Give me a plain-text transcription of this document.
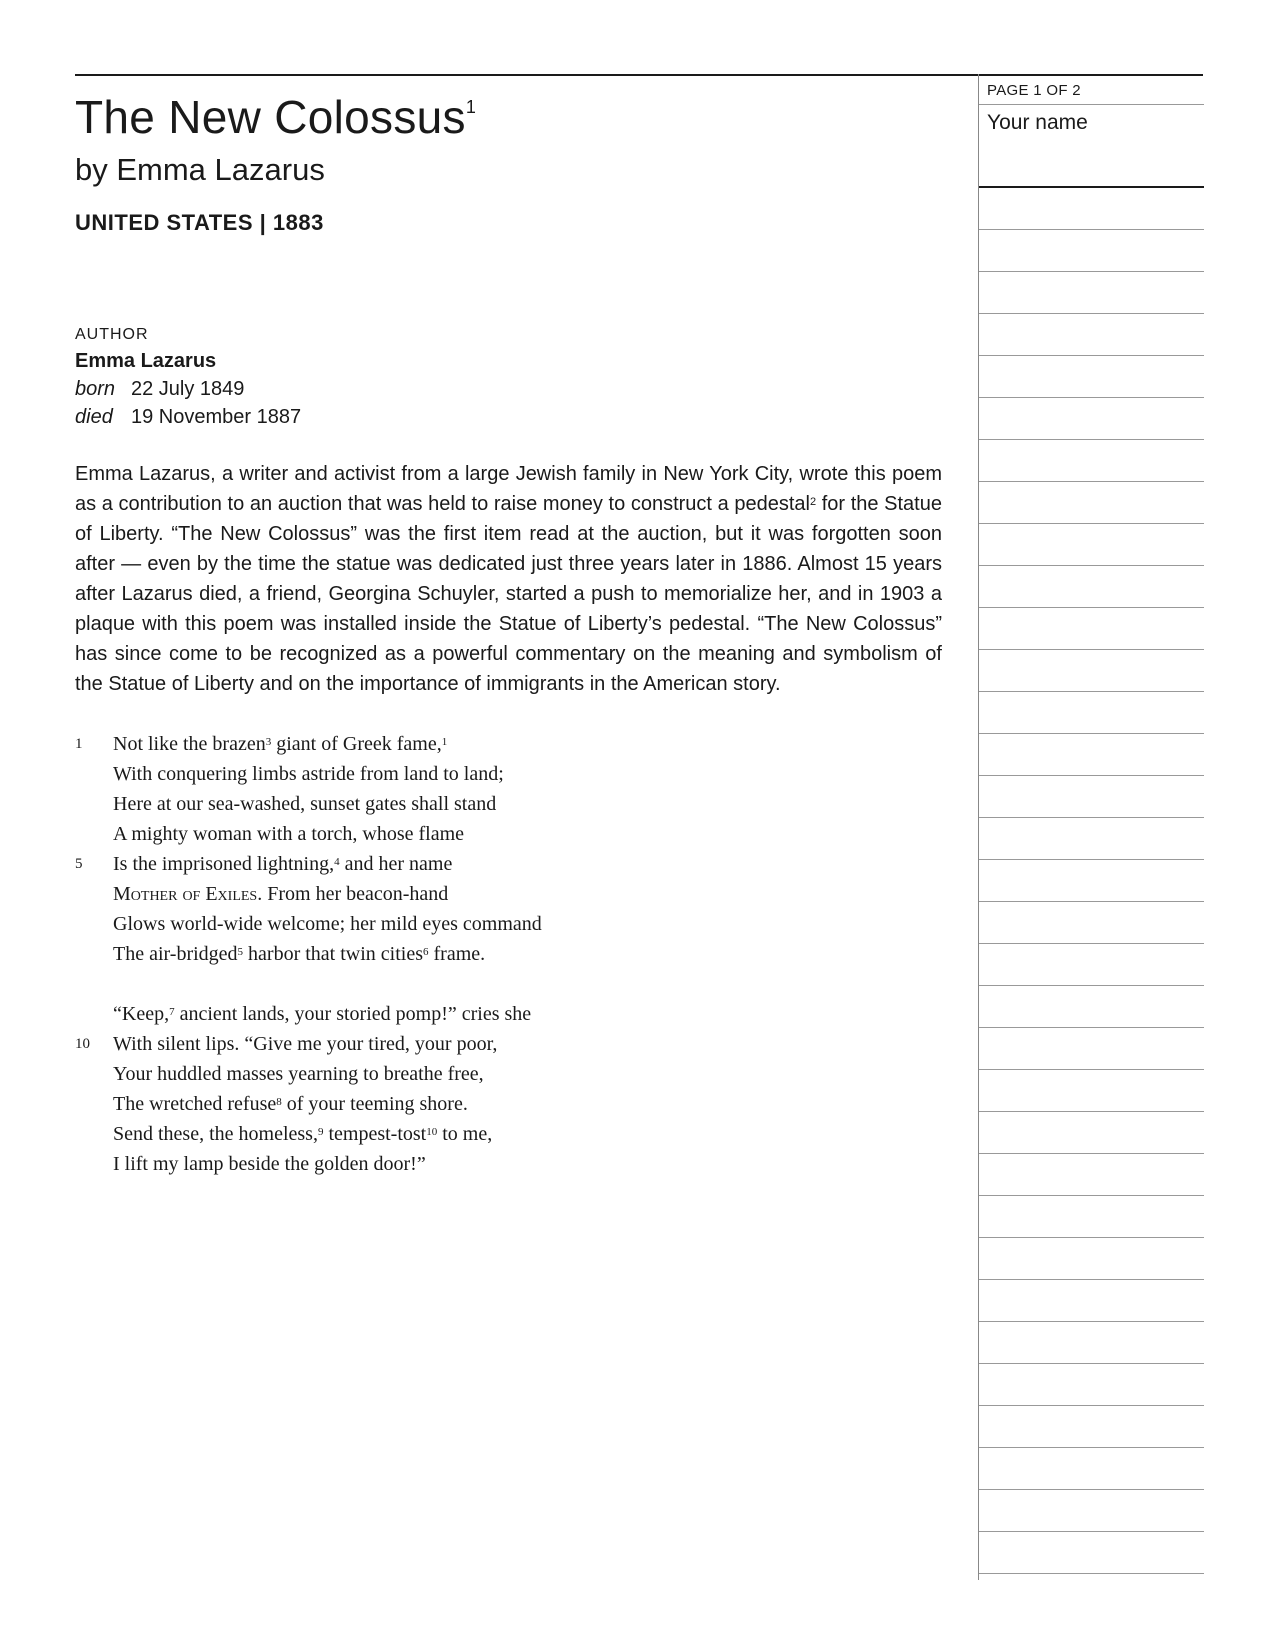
The New Colossus$^1$
by Emma Lazarus
UNITED STATES | 1883
AUTHOR
Emma Lazarus
born 22 July 1849
died 19 November 1887
Emma Lazarus, a writer and activist from a large Jewish family in New York City, wrote this poem as a contribution to an auction that was held to raise money to construct a pedestal$^2$ for the Statue of Liberty. “The New Colossus” was the first item read at the auction, but it was forgotten soon after — even by the time the statue was dedicated just three years later in 1886. Almost 15 years after Lazarus died, a friend, Georgina Schuyler, started a push to memorialize her, and in 1903 a plaque with this poem was installed inside the Statue of Liberty’s pedestal. “The New Colossus” has since come to be recognized as a powerful commentary on the meaning and symbolism of the Statue of Liberty and on the importance of immigrants in the American story.
1 Not like the brazen$^3$ giant of Greek fame,$^1$
With conquering limbs astride from land to land;
Here at our sea-washed, sunset gates shall stand
A mighty woman with a torch, whose flame
5 Is the imprisoned lightning,$^4$ and her name
Mother of Exiles. From her beacon-hand
Glows world-wide welcome; her mild eyes command
The air-bridged$^5$ harbor that twin cities$^6$ frame.
“Keep,$^7$ ancient lands, your storied pomp!” cries she
10 With silent lips. “Give me your tired, your poor,
Your huddled masses yearning to breathe free,
The wretched refuse$^8$ of your teeming shore.
Send these, the homeless,$^9$ tempest-tost$^{10}$ to me,
I lift my lamp beside the golden door!”
PAGE 1 OF 2
Your name
